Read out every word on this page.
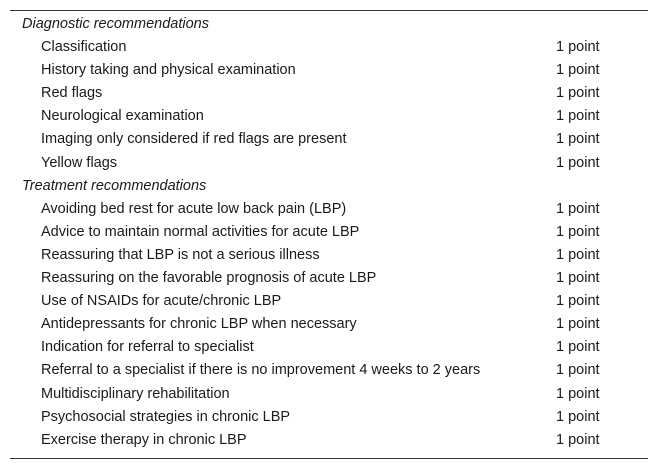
Diagnostic recommendations	
Classification	1 point
History taking and physical examination	1 point
Red flags	1 point
Neurological examination	1 point
Imaging only considered if red flags are present	1 point
Yellow flags	1 point
Treatment recommendations	
Avoiding bed rest for acute low back pain (LBP)	1 point
Advice to maintain normal activities for acute LBP	1 point
Reassuring that LBP is not a serious illness	1 point
Reassuring on the favorable prognosis of acute LBP	1 point
Use of NSAIDs for acute/chronic LBP	1 point
Antidepressants for chronic LBP when necessary	1 point
Indication for referral to specialist	1 point
Referral to a specialist if there is no improvement 4 weeks to 2 years	1 point
Multidisciplinary rehabilitation	1 point
Psychosocial strategies in chronic LBP	1 point
Exercise therapy in chronic LBP	1 point
